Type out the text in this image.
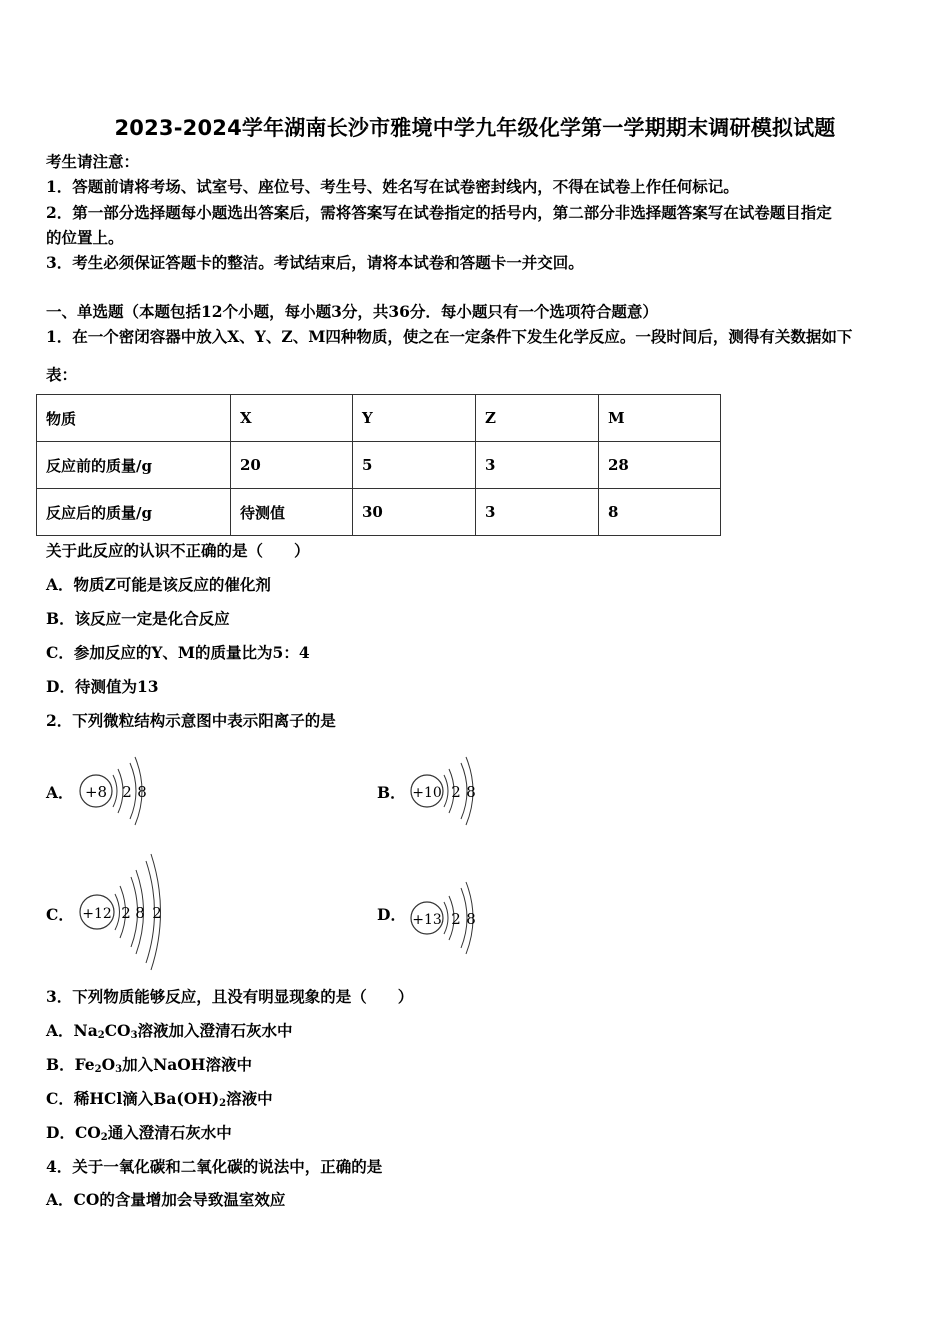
2023-2024学年湖南长沙市雅境中学九年级化学第一学期期末调研模拟试题
考生请注意：
1．答题前请将考场、试室号、座位号、考生号、姓名写在试卷密封线内，不得在试卷上作任何标记。
2．第一部分选择题每小题选出答案后，需将答案写在试卷指定的括号内，第二部分非选择题答案写在试卷题目指定
的位置上。
3．考生必须保证答题卡的整洁。考试结束后，请将本试卷和答题卡一并交回。
一、单选题（本题包括12个小题，每小题3分，共36分．每小题只有一个选项符合题意）
1．在一个密闭容器中放入X、Y、Z、M四种物质，使之在一定条件下发生化学反应。一段时间后，测得有关数据如下
表：
物质	X	Y	Z	M
反应前的质量/g	20	5	3	28
反应后的质量/g	待测值	30	3	8
关于此反应的认识不正确的是（　　）
A．物质Z可能是该反应的催化剂
B．该反应一定是化合反应
C．参加反应的Y、M的质量比为5：4
D．待测值为13
2．下列微粒结构示意图中表示阳离子的是
A． +8 2 8	B． +10 2 8
C． +12 2 8 2	D． +13 2 8
3．下列物质能够反应，且没有明显现象的是（　　）
A．$Na_2CO_3$溶液加入澄清石灰水中
B．$Fe_2O_3$加入NaOH溶液中
C．稀HCl滴入$Ba(OH)_2$溶液中
D．$CO_2$通入澄清石灰水中
4．关于一氧化碳和二氧化碳的说法中，正确的是
A．CO的含量增加会导致温室效应
